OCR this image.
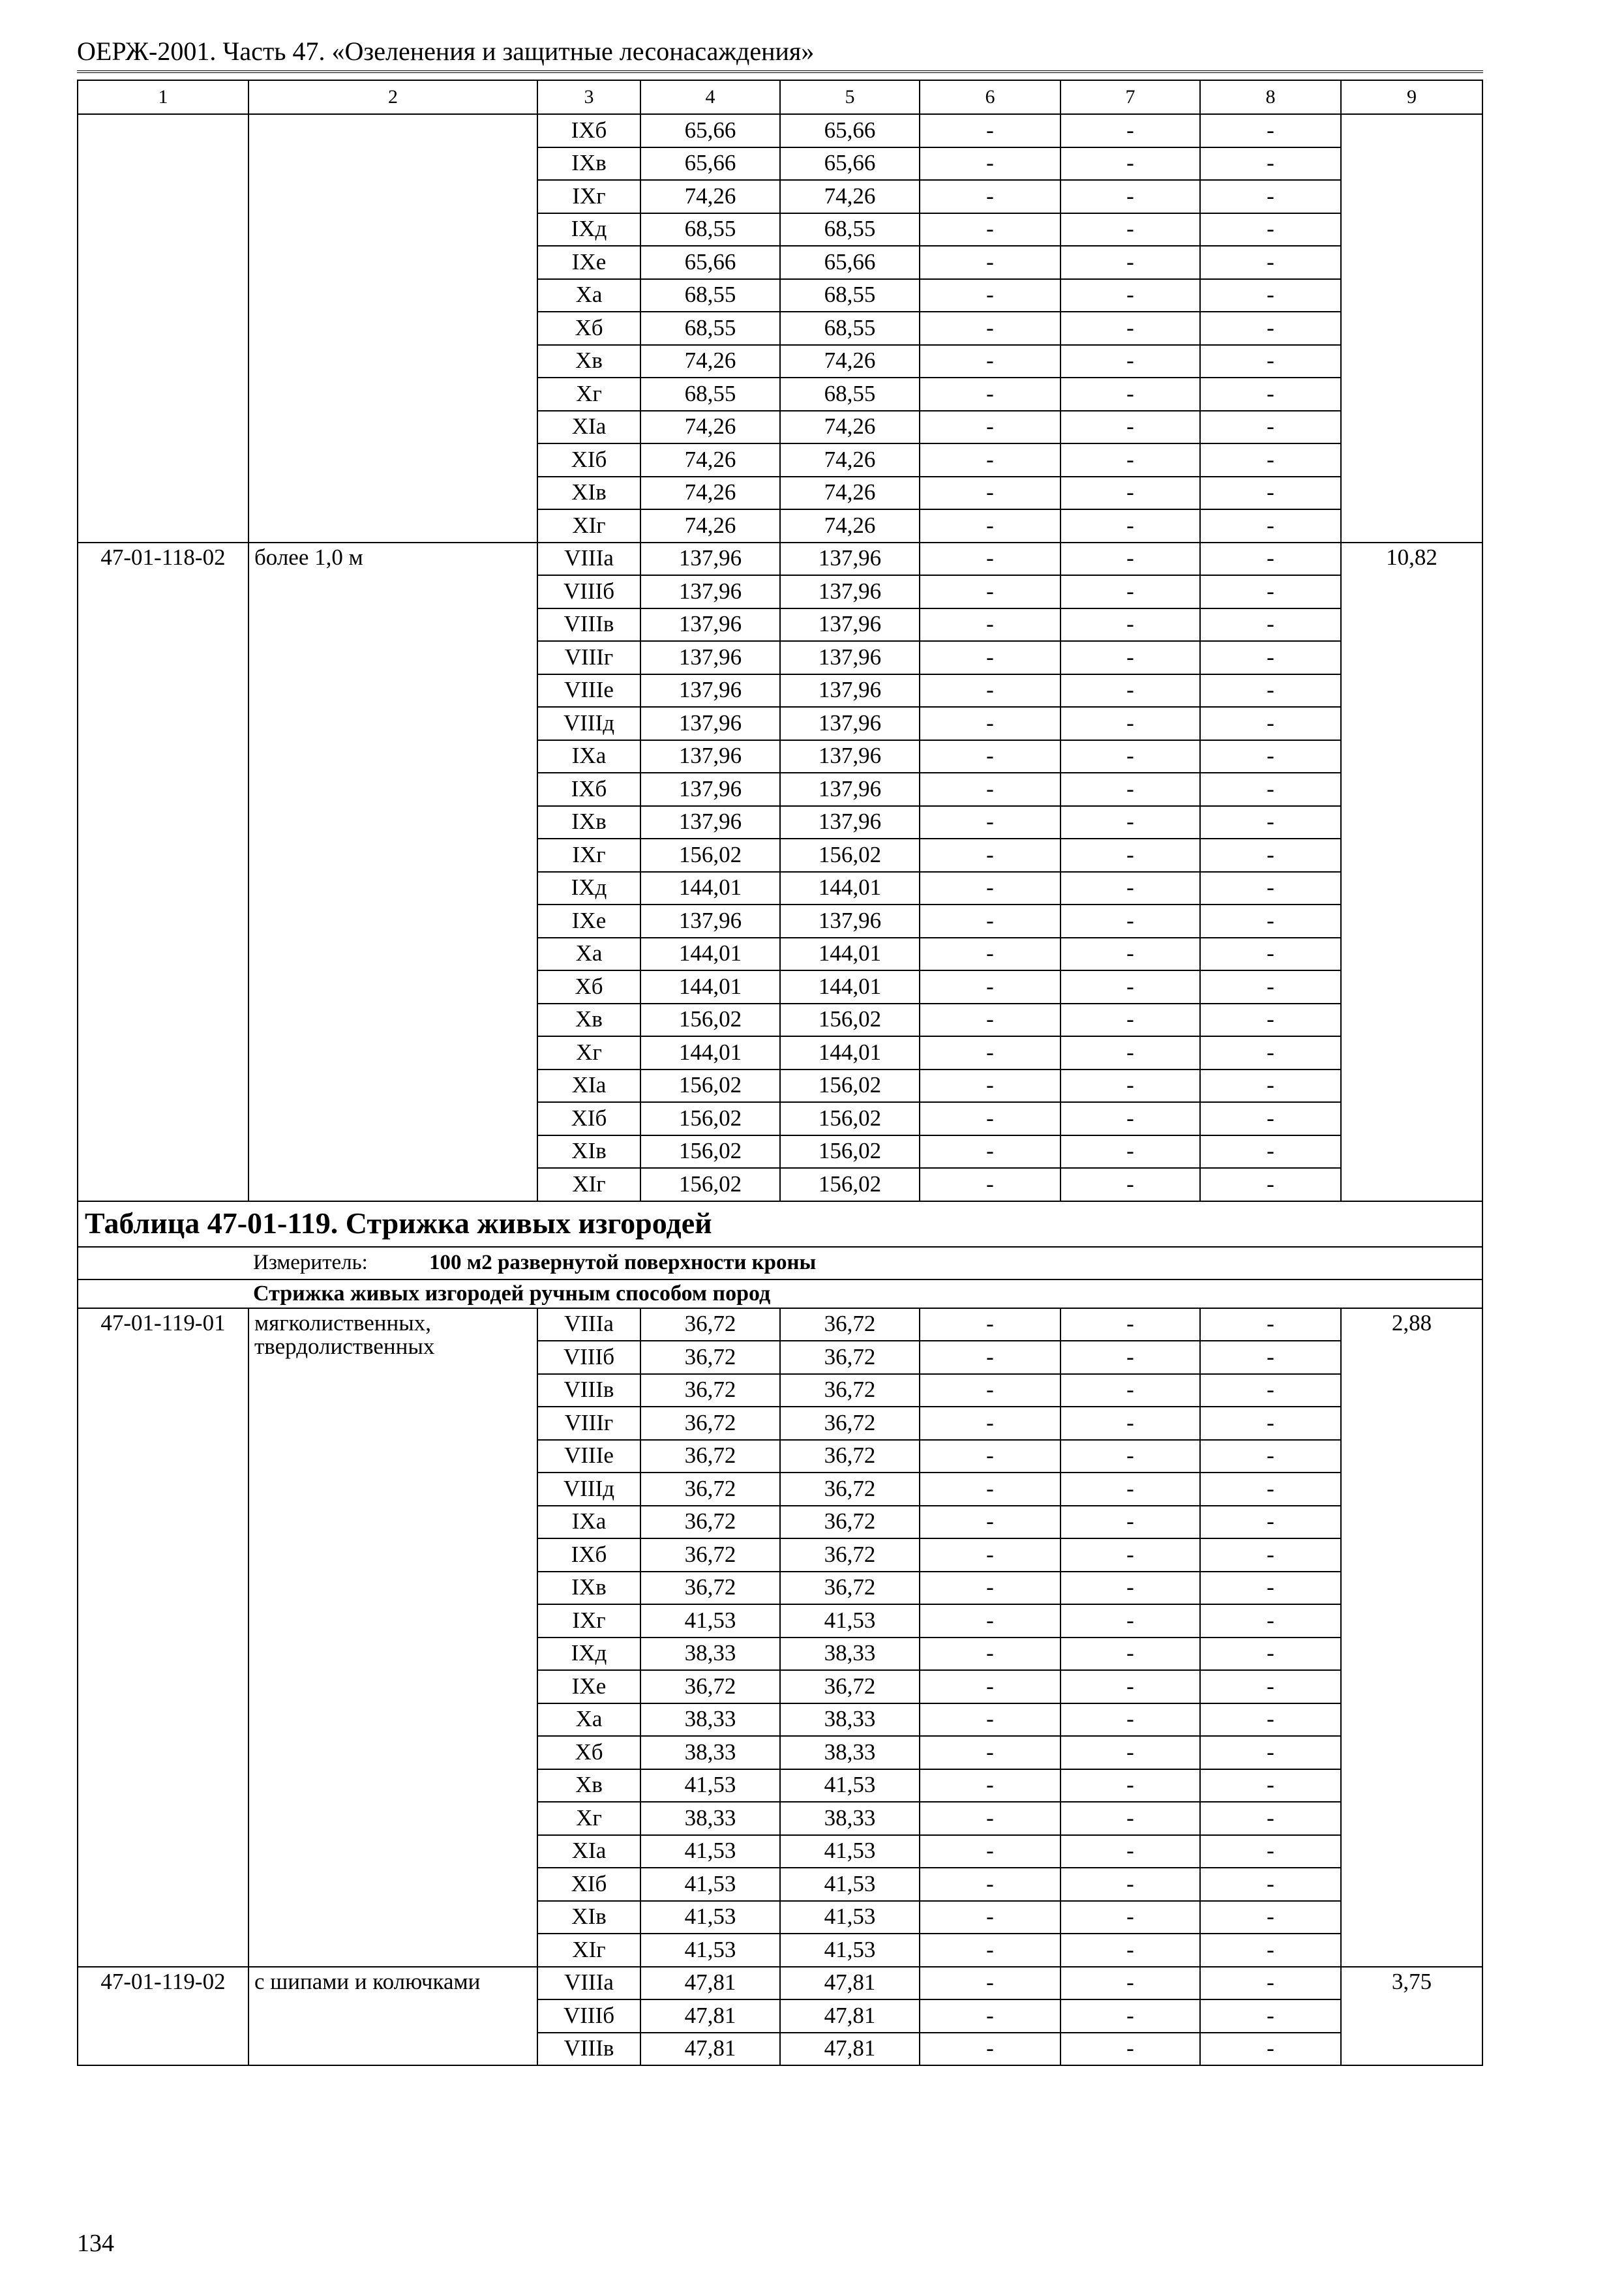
ОЕРЖ-2001. Часть 47. «Озеленения и защитные лесонасаждения»
1	2	3	4	5	6	7	8	9
		IXб	65,66	65,66	-	-	-	
		IXв	65,66	65,66	-	-	-	
		IXг	74,26	74,26	-	-	-	
		IXд	68,55	68,55	-	-	-	
		IXе	65,66	65,66	-	-	-	
		Xа	68,55	68,55	-	-	-	
		Xб	68,55	68,55	-	-	-	
		Xв	74,26	74,26	-	-	-	
		Xг	68,55	68,55	-	-	-	
		XIа	74,26	74,26	-	-	-	
		XIб	74,26	74,26	-	-	-	
		XIв	74,26	74,26	-	-	-	
		XIг	74,26	74,26	-	-	-	
47-01-118-02	более 1,0 м	VIIIа	137,96	137,96	-	-	-	10,82
		VIIIб	137,96	137,96	-	-	-	
		VIIIв	137,96	137,96	-	-	-	
		VIIIг	137,96	137,96	-	-	-	
		VIIIе	137,96	137,96	-	-	-	
		VIIIд	137,96	137,96	-	-	-	
		IXа	137,96	137,96	-	-	-	
		IXб	137,96	137,96	-	-	-	
		IXв	137,96	137,96	-	-	-	
		IXг	156,02	156,02	-	-	-	
		IXд	144,01	144,01	-	-	-	
		IXе	137,96	137,96	-	-	-	
		Xа	144,01	144,01	-	-	-	
		Xб	144,01	144,01	-	-	-	
		Xв	156,02	156,02	-	-	-	
		Xг	144,01	144,01	-	-	-	
		XIа	156,02	156,02	-	-	-	
		XIб	156,02	156,02	-	-	-	
		XIв	156,02	156,02	-	-	-	
		XIг	156,02	156,02	-	-	-	
Таблица 47-01-119. Стрижка живых изгородей								
Измеритель: 100 м2 развернутой поверхности кроны								
Стрижка живых изгородей ручным способом пород								
47-01-119-01	мягколиственных, твердолиственных	VIIIа	36,72	36,72	-	-	-	2,88
		VIIIб	36,72	36,72	-	-	-	
		VIIIв	36,72	36,72	-	-	-	
		VIIIг	36,72	36,72	-	-	-	
		VIIIе	36,72	36,72	-	-	-	
		VIIIд	36,72	36,72	-	-	-	
		IXа	36,72	36,72	-	-	-	
		IXб	36,72	36,72	-	-	-	
		IXв	36,72	36,72	-	-	-	
		IXг	41,53	41,53	-	-	-	
		IXд	38,33	38,33	-	-	-	
		IXе	36,72	36,72	-	-	-	
		Xа	38,33	38,33	-	-	-	
		Xб	38,33	38,33	-	-	-	
		Xв	41,53	41,53	-	-	-	
		Xг	38,33	38,33	-	-	-	
		XIа	41,53	41,53	-	-	-	
		XIб	41,53	41,53	-	-	-	
		XIв	41,53	41,53	-	-	-	
		XIг	41,53	41,53	-	-	-	
47-01-119-02	с шипами и колючками	VIIIа	47,81	47,81	-	-	-	3,75
		VIIIб	47,81	47,81	-	-	-	
		VIIIв	47,81	47,81	-	-	-	
134
